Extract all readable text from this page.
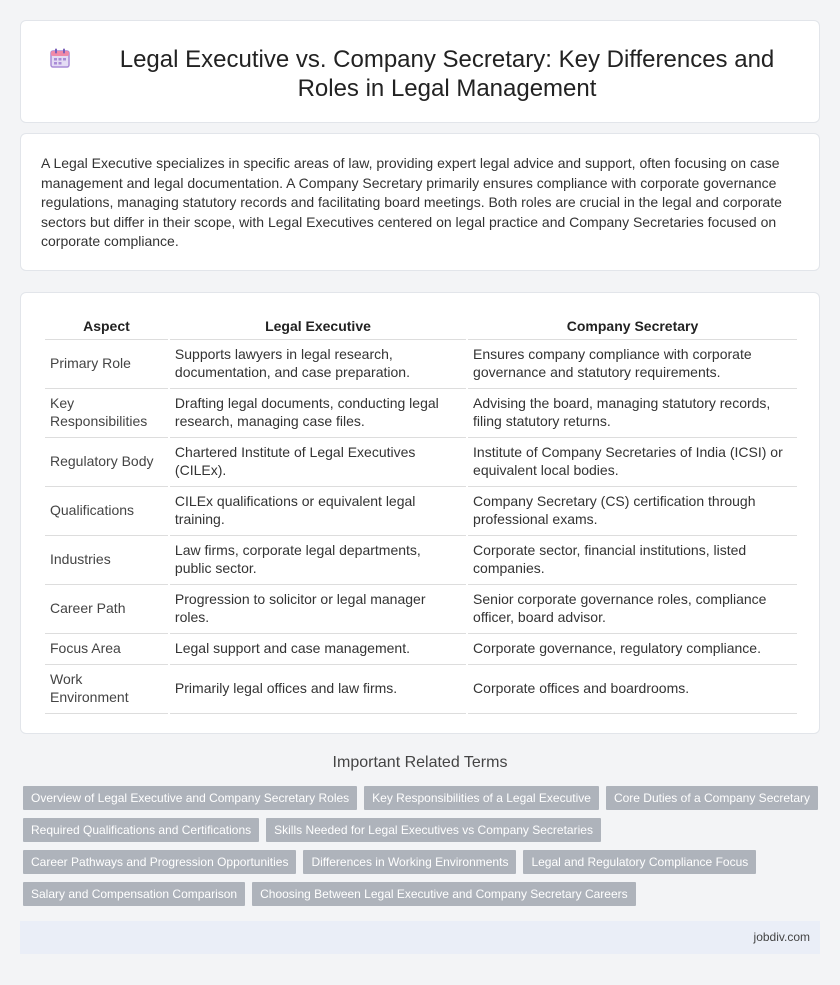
Legal Executive vs. Company Secretary: Key Differences and Roles in Legal Management

A Legal Executive specializes in specific areas of law, providing expert legal advice and support, often focusing on case management and legal documentation. A Company Secretary primarily ensures compliance with corporate governance regulations, managing statutory records and facilitating board meetings. Both roles are crucial in the legal and corporate sectors but differ in their scope, with Legal Executives centered on legal practice and Company Secretaries focused on corporate compliance.

Aspect	Legal Executive	Company Secretary
Primary Role	Supports lawyers in legal research, documentation, and case preparation.	Ensures company compliance with corporate governance and statutory requirements.
Key Responsibilities	Drafting legal documents, conducting legal research, managing case files.	Advising the board, managing statutory records, filing statutory returns.
Regulatory Body	Chartered Institute of Legal Executives (CILEx).	Institute of Company Secretaries of India (ICSI) or equivalent local bodies.
Qualifications	CILEx qualifications or equivalent legal training.	Company Secretary (CS) certification through professional exams.
Industries	Law firms, corporate legal departments, public sector.	Corporate sector, financial institutions, listed companies.
Career Path	Progression to solicitor or legal manager roles.	Senior corporate governance roles, compliance officer, board advisor.
Focus Area	Legal support and case management.	Corporate governance, regulatory compliance.
Work Environment	Primarily legal offices and law firms.	Corporate offices and boardrooms.
Important Related Terms
Overview of Legal Executive and Company Secretary Roles	Key Responsibilities of a Legal Executive	Core Duties of a Company Secretary
Required Qualifications and Certifications	Skills Needed for Legal Executives vs Company Secretaries
Career Pathways and Progression Opportunities	Differences in Working Environments	Legal and Regulatory Compliance Focus
Salary and Compensation Comparison	Choosing Between Legal Executive and Company Secretary Careers
jobdiv.com
